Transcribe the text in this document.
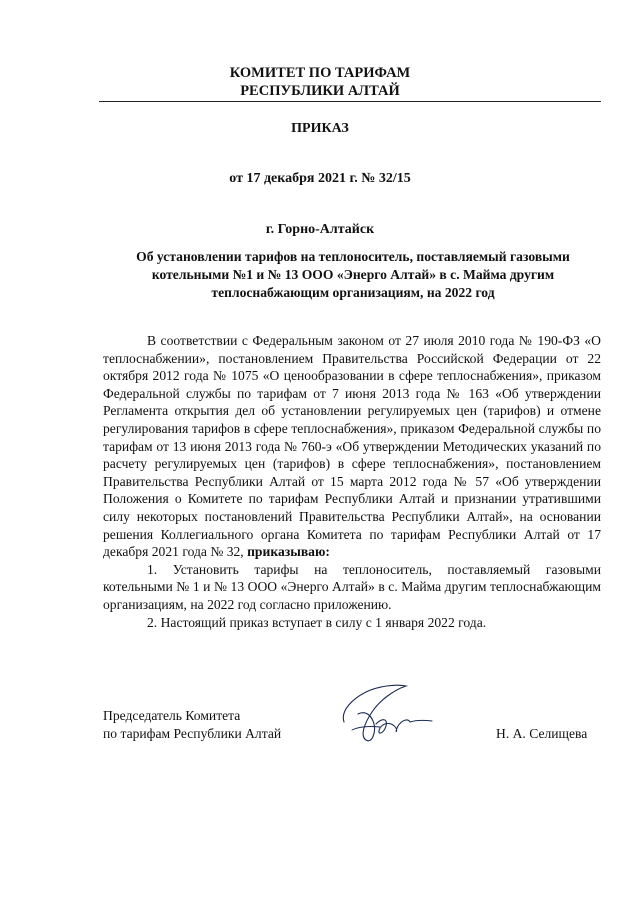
КОМИТЕТ ПО ТАРИФАМ
РЕСПУБЛИКИ АЛТАЙ
ПРИКАЗ
от 17 декабря 2021 г. № 32/15
г. Горно-Алтайск
Об установлении тарифов на теплоноситель, поставляемый газовыми
котельными №1 и № 13 ООО «Энерго Алтай» в с. Майма другим
теплоснабжающим организациям, на 2022 год

В соответствии с Федеральным законом от 27 июля 2010 года № 190-ФЗ «О теплоснабжении», постановлением Правительства Российской Федерации от 22 октября 2012 года № 1075 «О ценообразовании в сфере теплоснабжения», приказом Федеральной службы по тарифам от 7 июня 2013 года № 163 «Об утверждении Регламента открытия дел об установлении регулируемых цен (тарифов) и отмене регулирования тарифов в сфере теплоснабжения», приказом Федеральной службы по тарифам от 13 июня 2013 года № 760-э «Об утверждении Методических указаний по расчету регулируемых цен (тарифов) в сфере теплоснабжения», постановлением Правительства Республики Алтай от 15 марта 2012 года № 57 «Об утверждении Положения о Комитете по тарифам Республики Алтай и признании утратившими силу некоторых постановлений Правительства Республики Алтай», на основании решения Коллегиального органа Комитета по тарифам Республики Алтай от 17 декабря 2021 года № 32, приказываю:

1. Установить тарифы на теплоноситель, поставляемый газовыми котельными № 1 и № 13 ООО «Энерго Алтай» в с. Майма другим теплоснабжающим организациям, на 2022 год согласно приложению.

2. Настоящий приказ вступает в силу с 1 января 2022 года.

Председатель Комитета
по тарифам Республики Алтай	Н. А. Селищева
